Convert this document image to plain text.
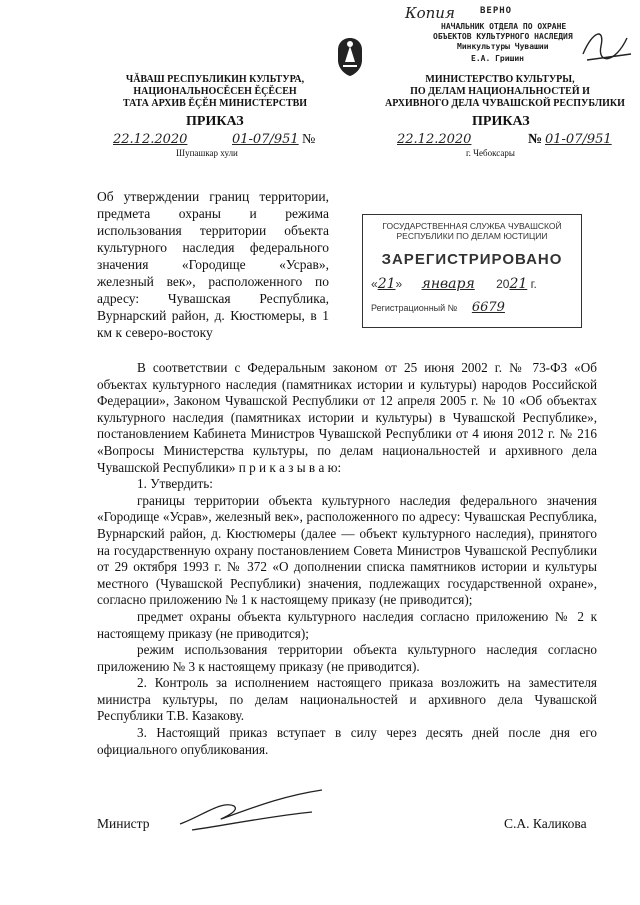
Копия	ВЕРНО
НАЧАЛЬНИК ОТДЕЛА ПО ОХРАНЕ
ОБЪЕКТОВ КУЛЬТУРНОГО НАСЛЕДИЯ
Минкультуры Чувашии
Е.А. Гришин
ЧĂВАШ РЕСПУБЛИКИН КУЛЬТУРА,
НАЦИОНАЛЬНОСĔСЕН ĔÇĔСЕН
ТАТА АРХИВ ĔÇĔН МИНИСТЕРСТВИ
ПРИКАЗ
22.12.2020	01-07/951 №
Шупашкар хули
МИНИСТЕРСТВО КУЛЬТУРЫ,
ПО ДЕЛАМ НАЦИОНАЛЬНОСТЕЙ И
АРХИВНОГО ДЕЛА ЧУВАШСКОЙ РЕСПУБЛИКИ
ПРИКАЗ
22.12.2020	№ 01-07/951
г. Чебоксары
Об утверждении границ территории, предмета охраны и режима использования территории объекта культурного наследия федерального значения «Городище «Усрав», железный век», расположенного по адресу: Чувашская Республика, Вурнарский район, д. Кюстюмеры, в 1 км к северо-востоку
ГОСУДАРСТВЕННАЯ СЛУЖБА ЧУВАШСКОЙ
РЕСПУБЛИКИ ПО ДЕЛАМ ЮСТИЦИИ
ЗАРЕГИСТРИРОВАНО
«21» января 2021 г.
Регистрационный № 6679

В соответствии с Федеральным законом от 25 июня 2002 г. № 73-ФЗ «Об объектах культурного наследия (памятниках истории и культуры) народов Российской Федерации», Законом Чувашской Республики от 12 апреля 2005 г. № 10 «Об объектах культурного наследия (памятниках истории и культуры) в Чувашской Республике», постановлением Кабинета Министров Чувашской Республики от 4 июня 2012 г. № 216 «Вопросы Министерства культуры, по делам национальностей и архивного дела Чувашской Республики» п р и к а з ы в а ю:

1. Утвердить:

границы территории объекта культурного наследия федерального значения «Городище «Усрав», железный век», расположенного по адресу: Чувашская Республика, Вурнарский район, д. Кюстюмеры (далее — объект культурного наследия), принятого на государственную охрану постановлением Совета Министров Чувашской Республики от 29 октября 1993 г. № 372 «О дополнении списка памятников истории и культуры местного (Чувашской Республики) значения, подлежащих государственной охране», согласно приложению № 1 к настоящему приказу (не приводится);

предмет охраны объекта культурного наследия согласно приложению № 2 к настоящему приказу (не приводится);

режим использования территории объекта культурного наследия согласно приложению № 3 к настоящему приказу (не приводится).

2. Контроль за исполнением настоящего приказа возложить на заместителя министра культуры, по делам национальностей и архивного дела Чувашской Республики Т.В. Казакову.

3. Настоящий приказ вступает в силу через десять дней после дня его официального опубликования.

Министр	С.А. Каликова
